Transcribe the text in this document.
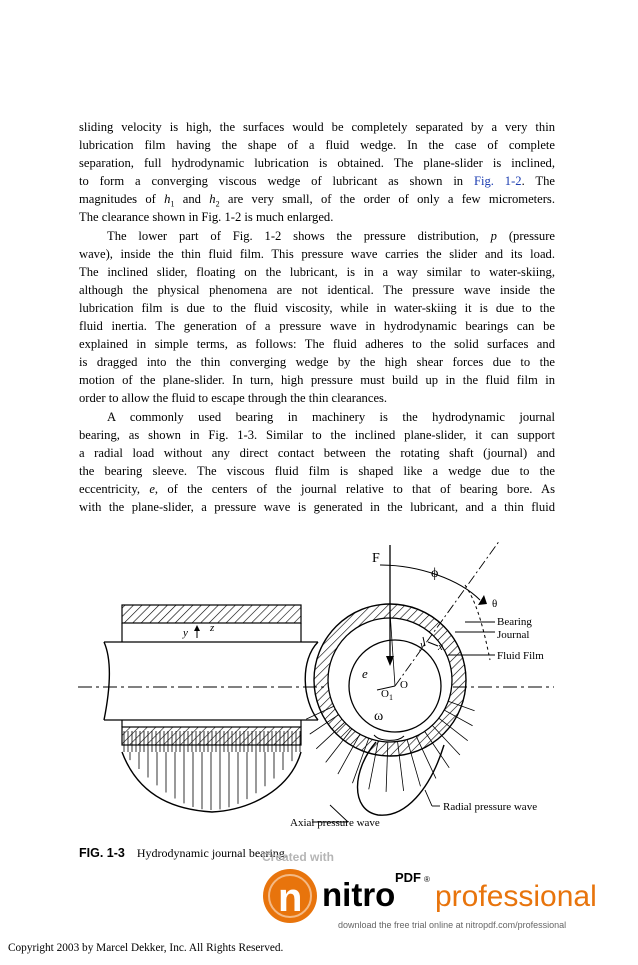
sliding velocity is high, the surfaces would be completely separated by a very thin
lubrication film having the shape of a fluid wedge. In the case of complete
separation, full hydrodynamic lubrication is obtained. The plane-slider is inclined,
to form a converging viscous wedge of lubricant as shown in Fig. 1-2. The
magnitudes of $h_1$ and $h_2$ are very small, of the order of only a few micrometers.
The clearance shown in Fig. 1-2 is much enlarged.
The lower part of Fig. 1-2 shows the pressure distribution, p (pressure
wave), inside the thin fluid film. This pressure wave carries the slider and its load.
The inclined slider, floating on the lubricant, is in a way similar to water-skiing,
although the physical phenomena are not identical. The pressure wave inside the
lubrication film is due to the fluid viscosity, while in water-skiing it is due to the
fluid inertia. The generation of a pressure wave in hydrodynamic bearings can be
explained in simple terms, as follows: The fluid adheres to the solid surfaces and
is dragged into the thin converging wedge by the high shear forces due to the
motion of the plane-slider. In turn, high pressure must build up in the fluid film in
order to allow the fluid to escape through the thin clearances.
A commonly used bearing in machinery is the hydrodynamic journal
bearing, as shown in Fig. 1-3. Similar to the inclined plane-slider, it can support
a radial load without any direct contact between the rotating shaft (journal) and
the bearing sleeve. The viscous fluid film is shaped like a wedge due to the
eccentricity, e, of the centers of the journal relative to that of bearing bore. As
with the plane-slider, a pressure wave is generated in the lubricant, and a thin fluid
y z
F
ϕ
θ
Bearing
Journal
Fluid Film
y x
e
$O_1$
O
ω
Radial pressure wave
Axial pressure wave
FIG. 1-3 Hydrodynamic journal bearing.
Created with
n nitro PDF ®
professional
download the free trial online at nitropdf.com/professional
Copyright 2003 by Marcel Dekker, Inc. All Rights Reserved.
